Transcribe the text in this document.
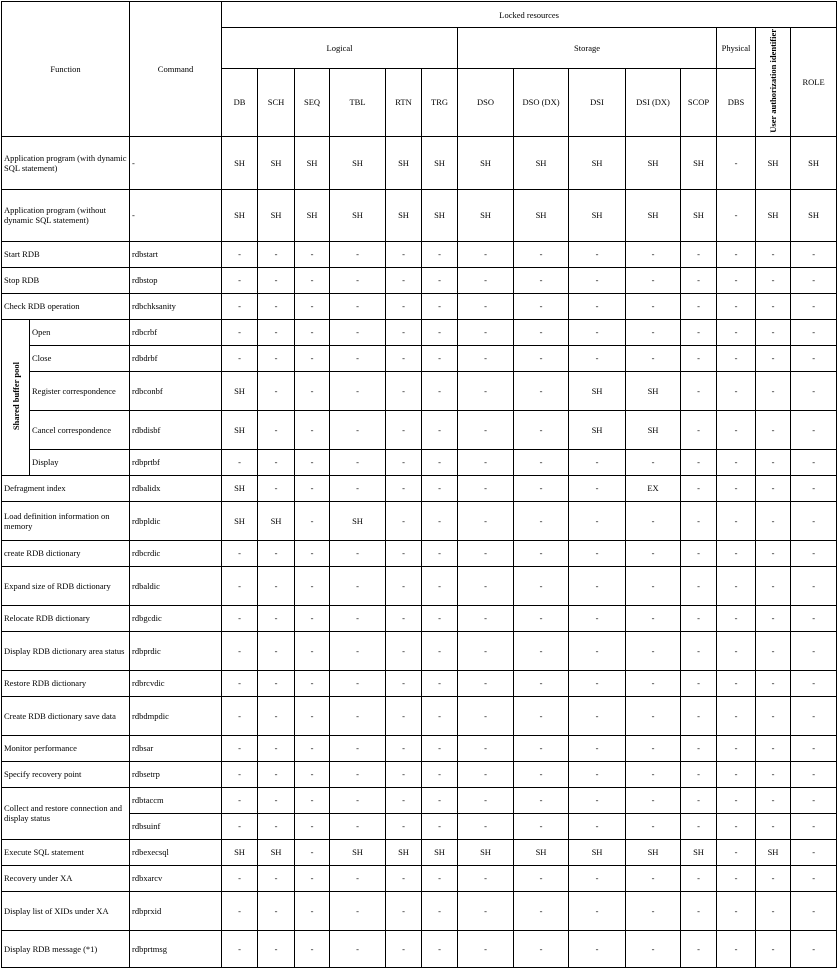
Function		Command	Locked resources													
			Logical						Storage					Physical	User authorization identifier	ROLE
			DB	SCH	SEQ	TBL	RTN	TRG	DSO	DSO (DX)	DSI	DSI (DX)	SCOP	DBS		
Application program (with dynamic SQL statement)		-	SH	SH	SH	SH	SH	SH	SH	SH	SH	SH	SH	-	SH	SH
Application program (without dynamic SQL statement)		-	SH	SH	SH	SH	SH	SH	SH	SH	SH	SH	SH	-	SH	SH
Start RDB		rdbstart	-	-	-	-	-	-	-	-	-	-	-	-	-	-
Stop RDB		rdbstop	-	-	-	-	-	-	-	-	-	-	-	-	-	-
Check RDB operation		rdbchksanity	-	-	-	-	-	-	-	-	-	-	-	-	-	-
Shared buffer pool	Open	rdbcrbf	-	-	-	-	-	-	-	-	-	-	-	-	-	-
	Close	rdbdrbf	-	-	-	-	-	-	-	-	-	-	-	-	-	-
	Register correspondence	rdbconbf	SH	-	-	-	-	-	-	-	SH	SH	-	-	-	-
	Cancel correspondence	rdbdisbf	SH	-	-	-	-	-	-	-	SH	SH	-	-	-	-
	Display	rdbprtbf	-	-	-	-	-	-	-	-	-	-	-	-	-	-
Defragment index		rdbalidx	SH	-	-	-	-	-	-	-	-	EX	-	-	-	-
Load definition information on memory		rdbpldic	SH	SH	-	SH	-	-	-	-	-	-	-	-	-	-
create RDB dictionary		rdbcrdic	-	-	-	-	-	-	-	-	-	-	-	-	-	-
Expand size of RDB dictionary		rdbaldic	-	-	-	-	-	-	-	-	-	-	-	-	-	-
Relocate RDB dictionary		rdbgcdic	-	-	-	-	-	-	-	-	-	-	-	-	-	-
Display RDB dictionary area status		rdbprdic	-	-	-	-	-	-	-	-	-	-	-	-	-	-
Restore RDB dictionary		rdbrcvdic	-	-	-	-	-	-	-	-	-	-	-	-	-	-
Create RDB dictionary save data		rdbdmpdic	-	-	-	-	-	-	-	-	-	-	-	-	-	-
Monitor performance		rdbsar	-	-	-	-	-	-	-	-	-	-	-	-	-	-
Specify recovery point		rdbsetrp	-	-	-	-	-	-	-	-	-	-	-	-	-	-
Collect and restore connection and display status		rdbtaccm	-	-	-	-	-	-	-	-	-	-	-	-	-	-
		rdbsuinf	-	-	-	-	-	-	-	-	-	-	-	-	-	-
Execute SQL statement		rdbexecsql	SH	SH	-	SH	SH	SH	SH	SH	SH	SH	SH	-	SH	-
Recovery under XA		rdbxarcv	-	-	-	-	-	-	-	-	-	-	-	-	-	-
Display list of XIDs under XA		rdbprxid	-	-	-	-	-	-	-	-	-	-	-	-	-	-
Display RDB message (*1)		rdbprtmsg	-	-	-	-	-	-	-	-	-	-	-	-	-	-
